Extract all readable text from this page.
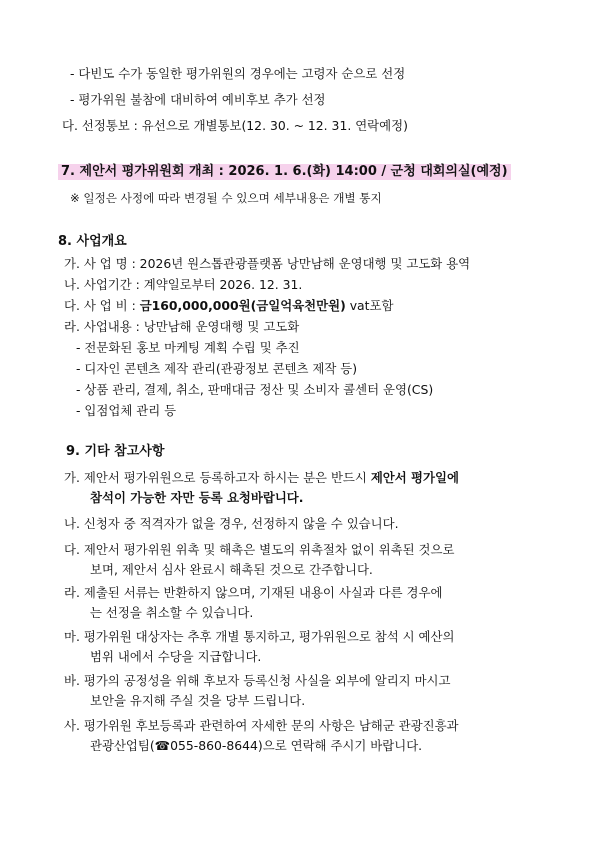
- 다빈도 수가 동일한 평가위원의 경우에는 고령자 순으로 선정
- 평가위원 불참에 대비하여 예비후보 추가 선정
다. 선정통보 : 유선으로 개별통보(12. 30. ~ 12. 31. 연락예정)
7. 제안서 평가위원회 개최 : 2026. 1. 6.(화) 14:00 / 군청 대회의실(예정)
※ 일정은 사정에 따라 변경될 수 있으며 세부내용은 개별 통지
8. 사업개요
가. 사 업 명 : 2026년 원스톱관광플랫폼 낭만남해 운영대행 및 고도화 용역
나. 사업기간 : 계약일로부터 2026. 12. 31.
다. 사 업 비 : 금160,000,000원(금일억육천만원) vat포함
라. 사업내용 : 낭만남해 운영대행 및 고도화
- 전문화된 홍보 마케팅 계획 수립 및 추진
- 디자인 콘텐츠 제작 관리(관광정보 콘텐츠 제작 등)
- 상품 관리, 결제, 취소, 판매대금 정산 및 소비자 콜센터 운영(CS)
- 입점업체 관리 등
9. 기타 참고사항
가. 제안서 평가위원으로 등록하고자 하시는 분은 반드시 제안서 평가일에
참석이 가능한 자만 등록 요청바랍니다.
나. 신청자 중 적격자가 없을 경우, 선정하지 않을 수 있습니다.
다. 제안서 평가위원 위촉 및 해촉은 별도의 위촉절차 없이 위촉된 것으로
보며, 제안서 심사 완료시 해촉된 것으로 간주합니다.
라. 제출된 서류는 반환하지 않으며, 기재된 내용이 사실과 다른 경우에
는 선정을 취소할 수 있습니다.
마. 평가위원 대상자는 추후 개별 통지하고, 평가위원으로 참석 시 예산의
범위 내에서 수당을 지급합니다.
바. 평가의 공정성을 위해 후보자 등록신청 사실을 외부에 알리지 마시고
보안을 유지해 주실 것을 당부 드립니다.
사. 평가위원 후보등록과 관련하여 자세한 문의 사항은 남해군 관광진흥과
관광산업팀(☎055-860-8644)으로 연락해 주시기 바랍니다.
